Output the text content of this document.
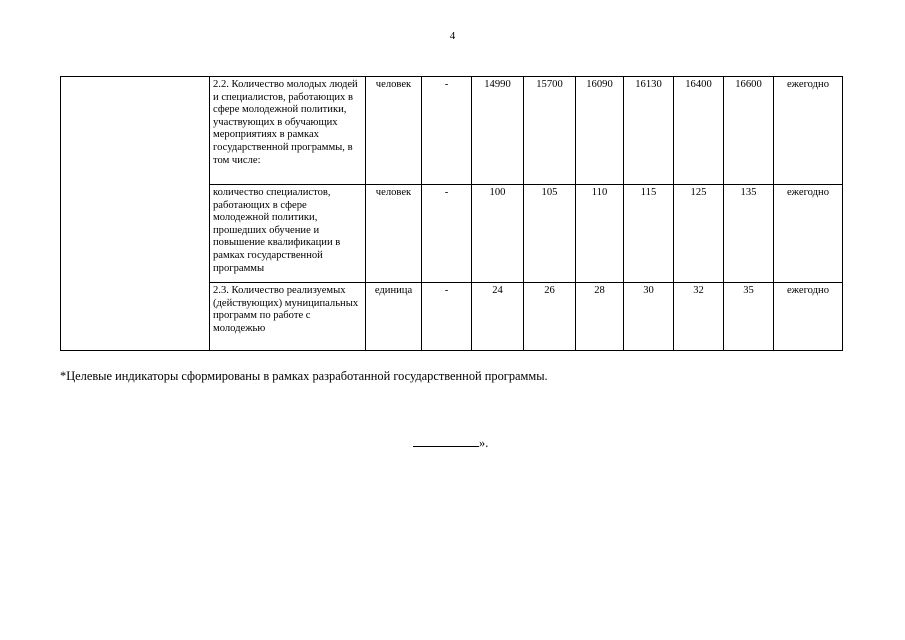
4
	2.2. Количество молодых людей и специалистов, работающих в сфере молодежной политики, участвующих в обучающих мероприятиях в рамках государственной программы, в том числе:	человек	-	14990	15700	16090	16130	16400	16600	ежегодно
	количество специалистов, работающих в сфере молодежной политики, прошедших обучение и повышение квалификации в рамках государственной программы	человек	-	100	105	110	115	125	135	ежегодно
	2.3. Количество реализуемых (действующих) муниципальных программ по работе с молодежью	единица	-	24	26	28	30	32	35	ежегодно
*Целевые индикаторы сформированы в рамках разработанной государственной программы.
».
